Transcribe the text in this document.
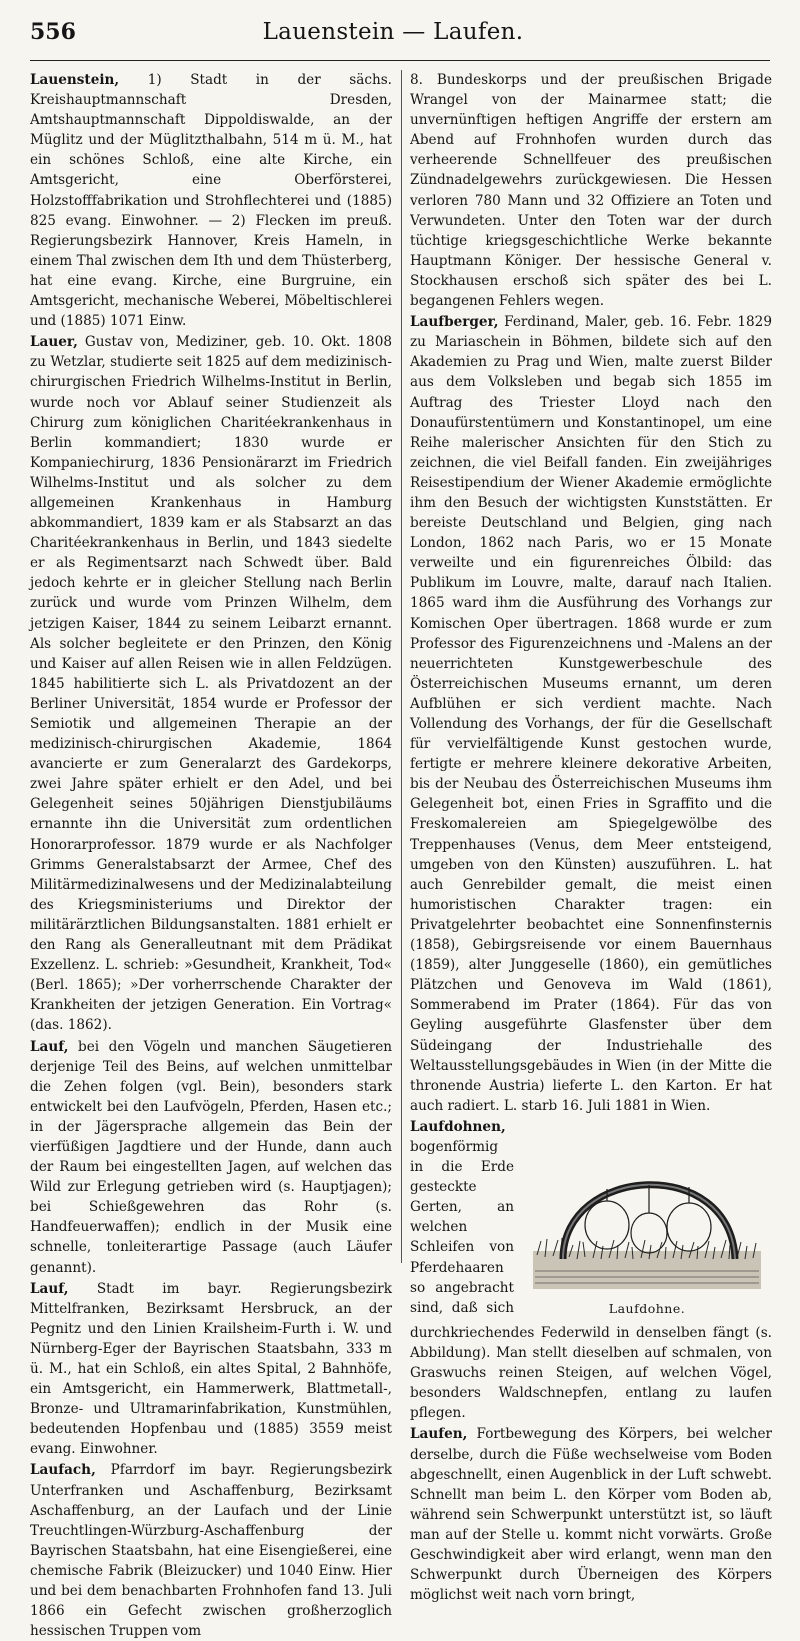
556	Lauenstein — Laufen.

Lauenstein, 1) Stadt in der sächs. Kreishauptmannschaft Dresden, Amtshauptmannschaft Dippoldiswalde, an der Müglitz und der Müglitzthalbahn, 514 m ü. M., hat ein schönes Schloß, eine alte Kirche, ein Amtsgericht, eine Oberförsterei, Holzstofffabrikation und Strohflechterei und (1885) 825 evang. Einwohner. — 2) Flecken im preuß. Regierungsbezirk Hannover, Kreis Hameln, in einem Thal zwischen dem Ith und dem Thüsterberg, hat eine evang. Kirche, eine Burgruine, ein Amtsgericht, mechanische Weberei, Möbeltischlerei und (1885) 1071 Einw.

Lauer, Gustav von, Mediziner, geb. 10. Okt. 1808 zu Wetzlar, studierte seit 1825 auf dem medizinisch-chirurgischen Friedrich Wilhelms-Institut in Berlin, wurde noch vor Ablauf seiner Studienzeit als Chirurg zum königlichen Charitéekrankenhaus in Berlin kommandiert; 1830 wurde er Kompaniechirurg, 1836 Pensionärarzt im Friedrich Wilhelms-Institut und als solcher zu dem allgemeinen Krankenhaus in Hamburg abkommandiert, 1839 kam er als Stabsarzt an das Charitéekrankenhaus in Berlin, und 1843 siedelte er als Regimentsarzt nach Schwedt über. Bald jedoch kehrte er in gleicher Stellung nach Berlin zurück und wurde vom Prinzen Wilhelm, dem jetzigen Kaiser, 1844 zu seinem Leibarzt ernannt. Als solcher begleitete er den Prinzen, den König und Kaiser auf allen Reisen wie in allen Feldzügen. 1845 habilitierte sich L. als Privatdozent an der Berliner Universität, 1854 wurde er Professor der Semiotik und allgemeinen Therapie an der medizinisch-chirurgischen Akademie, 1864 avancierte er zum Generalarzt des Gardekorps, zwei Jahre später erhielt er den Adel, und bei Gelegenheit seines 50jährigen Dienstjubiläums ernannte ihn die Universität zum ordentlichen Honorarprofessor. 1879 wurde er als Nachfolger Grimms Generalstabsarzt der Armee, Chef des Militärmedizinalwesens und der Medizinalabteilung des Kriegsministeriums und Direktor der militärärztlichen Bildungsanstalten. 1881 erhielt er den Rang als Generalleutnant mit dem Prädikat Exzellenz. L. schrieb: »Gesundheit, Krankheit, Tod« (Berl. 1865); »Der vorherrschende Charakter der Krankheiten der jetzigen Generation. Ein Vortrag« (das. 1862).

Lauf, bei den Vögeln und manchen Säugetieren derjenige Teil des Beins, auf welchen unmittelbar die Zehen folgen (vgl. Bein), besonders stark entwickelt bei den Laufvögeln, Pferden, Hasen etc.; in der Jägersprache allgemein das Bein der vierfüßigen Jagdtiere und der Hunde, dann auch der Raum bei eingestellten Jagen, auf welchen das Wild zur Erlegung getrieben wird (s. Hauptjagen); bei Schießgewehren das Rohr (s. Handfeuerwaffen); endlich in der Musik eine schnelle, tonleiterartige Passage (auch Läufer genannt).

Lauf, Stadt im bayr. Regierungsbezirk Mittelfranken, Bezirksamt Hersbruck, an der Pegnitz und den Linien Krailsheim-Furth i. W. und Nürnberg-Eger der Bayrischen Staatsbahn, 333 m ü. M., hat ein Schloß, ein altes Spital, 2 Bahnhöfe, ein Amtsgericht, ein Hammerwerk, Blattmetall-, Bronze- und Ultramarinfabrikation, Kunstmühlen, bedeutenden Hopfenbau und (1885) 3559 meist evang. Einwohner.

Laufach, Pfarrdorf im bayr. Regierungsbezirk Unterfranken und Aschaffenburg, Bezirksamt Aschaffenburg, an der Laufach und der Linie Treuchtlingen-Würzburg-Aschaffenburg der Bayrischen Staatsbahn, hat eine Eisengießerei, eine chemische Fabrik (Bleizucker) und 1040 Einw. Hier und bei dem benachbarten Frohnhofen fand 13. Juli 1866 ein Gefecht zwischen großherzoglich hessischen Truppen vom

8. Bundeskorps und der preußischen Brigade Wrangel von der Mainarmee statt; die unvernünftigen heftigen Angriffe der erstern am Abend auf Frohnhofen wurden durch das verheerende Schnellfeuer des preußischen Zündnadelgewehrs zurückgewiesen. Die Hessen verloren 780 Mann und 32 Offiziere an Toten und Verwundeten. Unter den Toten war der durch tüchtige kriegsgeschichtliche Werke bekannte Hauptmann Königer. Der hessische General v. Stockhausen erschoß sich später des bei L. begangenen Fehlers wegen.

Laufberger, Ferdinand, Maler, geb. 16. Febr. 1829 zu Mariaschein in Böhmen, bildete sich auf den Akademien zu Prag und Wien, malte zuerst Bilder aus dem Volksleben und begab sich 1855 im Auftrag des Triester Lloyd nach den Donaufürstentümern und Konstantinopel, um eine Reihe malerischer Ansichten für den Stich zu zeichnen, die viel Beifall fanden. Ein zweijähriges Reisestipendium der Wiener Akademie ermöglichte ihm den Besuch der wichtigsten Kunststätten. Er bereiste Deutschland und Belgien, ging nach London, 1862 nach Paris, wo er 15 Monate verweilte und ein figurenreiches Ölbild: das Publikum im Louvre, malte, darauf nach Italien. 1865 ward ihm die Ausführung des Vorhangs zur Komischen Oper übertragen. 1868 wurde er zum Professor des Figurenzeichnens und -Malens an der neuerrichteten Kunstgewerbeschule des Österreichischen Museums ernannt, um deren Aufblühen er sich verdient machte. Nach Vollendung des Vorhangs, der für die Gesellschaft für vervielfältigende Kunst gestochen wurde, fertigte er mehrere kleinere dekorative Arbeiten, bis der Neubau des Österreichischen Museums ihm Gelegenheit bot, einen Fries in Sgraffito und die Freskomalereien am Spiegelgewölbe des Treppenhauses (Venus, dem Meer entsteigend, umgeben von den Künsten) auszuführen. L. hat auch Genrebilder gemalt, die meist einen humoristischen Charakter tragen: ein Privatgelehrter beobachtet eine Sonnenfinsternis (1858), Gebirgsreisende vor einem Bauernhaus (1859), alter Junggeselle (1860), ein gemütliches Plätzchen und Genoveva im Wald (1861), Sommerabend im Prater (1864). Für das von Geyling ausgeführte Glasfenster über dem Südeingang der Industriehalle des Weltausstellungsgebäudes in Wien (in der Mitte die thronende Austria) lieferte L. den Karton. Er hat auch radiert. L. starb 16. Juli 1881 in Wien.

Laufdohne.
Laufdohnen, bogenförmig in die Erde gesteckte Gerten, an welchen Schleifen von Pferdehaaren so angebracht sind, daß sich durchkriechendes Federwild in denselben fängt (s. Abbildung). Man stellt dieselben auf schmalen, von Graswuchs reinen Steigen, auf welchen Vögel, besonders Waldschnepfen, entlang zu laufen pflegen.

Laufen, Fortbewegung des Körpers, bei welcher derselbe, durch die Füße wechselweise vom Boden abgeschnellt, einen Augenblick in der Luft schwebt. Schnellt man beim L. den Körper vom Boden ab, während sein Schwerpunkt unterstützt ist, so läuft man auf der Stelle u. kommt nicht vorwärts. Große Geschwindigkeit aber wird erlangt, wenn man den Schwerpunkt durch Überneigen des Körpers möglichst weit nach vorn bringt,
